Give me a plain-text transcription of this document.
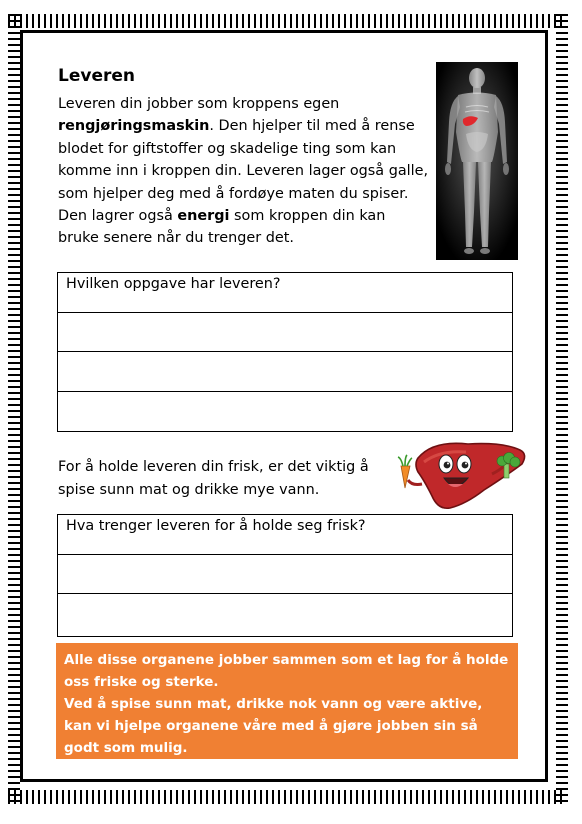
Leveren
Leveren din jobber som kroppens egen rengjøringsmaskin. Den hjelper til med å rense blodet for giftstoffer og skadelige ting som kan komme inn i kroppen din. Leveren lager også galle, som hjelper deg med å fordøye maten du spiser. Den lagrer også energi som kroppen din kan bruke senere når du trenger det.
Hvilken oppgave har leveren?
For å holde leveren din frisk, er det viktig å spise sunn mat og drikke mye vann.
Hva trenger leveren for å holde seg frisk?
Alle disse organene jobber sammen som et lag for å holde oss friske og sterke.
Ved å spise sunn mat, drikke nok vann og være aktive, kan vi hjelpe organene våre med å gjøre jobben sin så godt som mulig.
